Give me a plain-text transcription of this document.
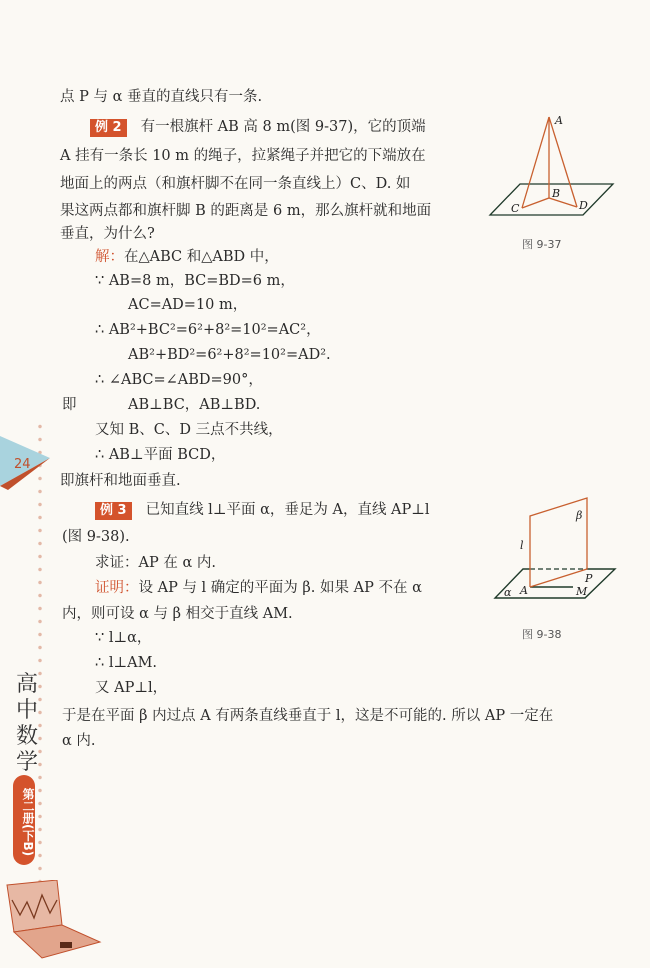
24
高中数学
第二册(下B)
点 P 与 α 垂直的直线只有一条.
例 2 有一根旗杆 AB 高 8 m(图 9-37)，它的顶端
A 挂有一条长 10 m 的绳子，拉紧绳子并把它的下端放在
地面上的两点（和旗杆脚不在同一条直线上）C、D. 如
果这两点都和旗杆脚 B 的距离是 6 m，那么旗杆就和地面
垂直，为什么?
解：在△ABC 和△ABD 中，
∵ AB=8 m，BC=BD=6 m，
AC=AD=10 m，
∴ AB²+BC²=6²+8²=10²=AC²，
AB²+BD²=6²+8²=10²=AD².
∴ ∠ABC=∠ABD=90°，
即	AB⊥BC，AB⊥BD.
又知 B、C、D 三点不共线，
∴ AB⊥平面 BCD，
即旗杆和地面垂直.
例 3 已知直线 l⊥平面 α，垂足为 A，直线 AP⊥l
(图 9-38).
求证：AP 在 α 内.
证明：设 AP 与 l 确定的平面为 β. 如果 AP 不在 α
内，则可设 α 与 β 相交于直线 AM.
∵ l⊥α，
∴ l⊥AM.
又 AP⊥l，
于是在平面 β 内过点 A 有两条直线垂直于 l，这是不可能的. 所以 AP 一定在
α 内.
A
B
C	D
图 9-37
β
l
P
A	M
α
图 9-38
